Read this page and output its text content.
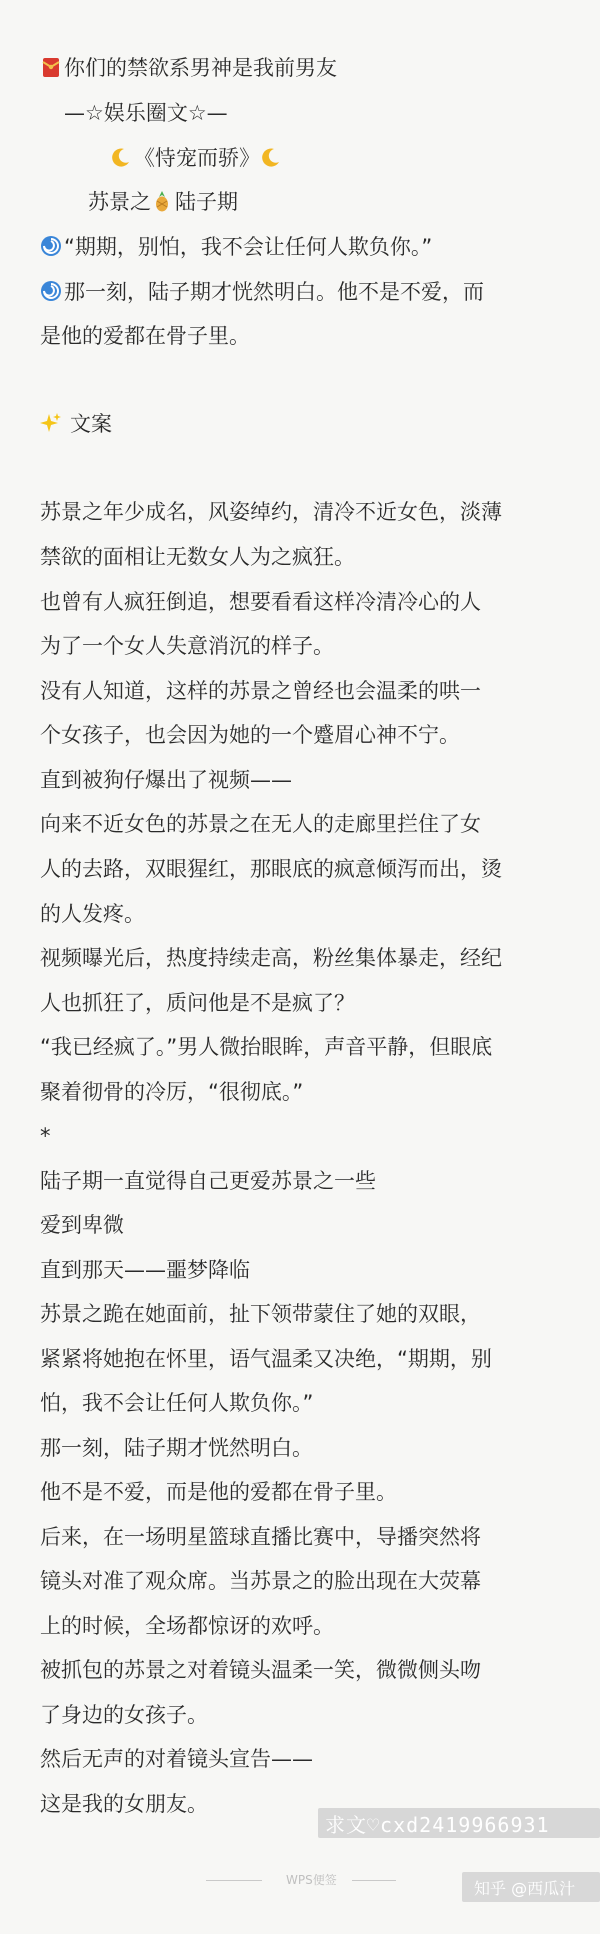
你们的禁欲系男神是我前男友
—☆娱乐圈文☆—
《恃宠而骄》
苏景之 陆子期
“期期，别怕，我不会让任何人欺负你。”
那一刻，陆子期才恍然明白。他不是不爱，而
是他的爱都在骨子里。
文案
苏景之年少成名，风姿绰约，清冷不近女色，淡薄
禁欲的面相让无数女人为之疯狂。
也曾有人疯狂倒追，想要看看这样冷清冷心的人
为了一个女人失意消沉的样子。
没有人知道，这样的苏景之曾经也会温柔的哄一
个女孩子，也会因为她的一个蹙眉心神不宁。
直到被狗仔爆出了视频——
向来不近女色的苏景之在无人的走廊里拦住了女
人的去路，双眼猩红，那眼底的疯意倾泻而出，烫
的人发疼。
视频曝光后，热度持续走高，粉丝集体暴走，经纪
人也抓狂了，质问他是不是疯了？
“我已经疯了。”男人微抬眼眸，声音平静，但眼底
聚着彻骨的冷厉，“很彻底。”
*
陆子期一直觉得自己更爱苏景之一些
爱到卑微
直到那天——噩梦降临
苏景之跪在她面前，扯下领带蒙住了她的双眼，
紧紧将她抱在怀里，语气温柔又决绝，“期期，别
怕，我不会让任何人欺负你。”
那一刻，陆子期才恍然明白。
他不是不爱，而是他的爱都在骨子里。
后来，在一场明星篮球直播比赛中，导播突然将
镜头对准了观众席。当苏景之的脸出现在大荧幕
上的时候，全场都惊讶的欢呼。
被抓包的苏景之对着镜头温柔一笑，微微侧头吻
了身边的女孩子。
然后无声的对着镜头宣告——
这是我的女朋友。
求文♡cxd2419966931
WPS便签	知乎 @西瓜汁
